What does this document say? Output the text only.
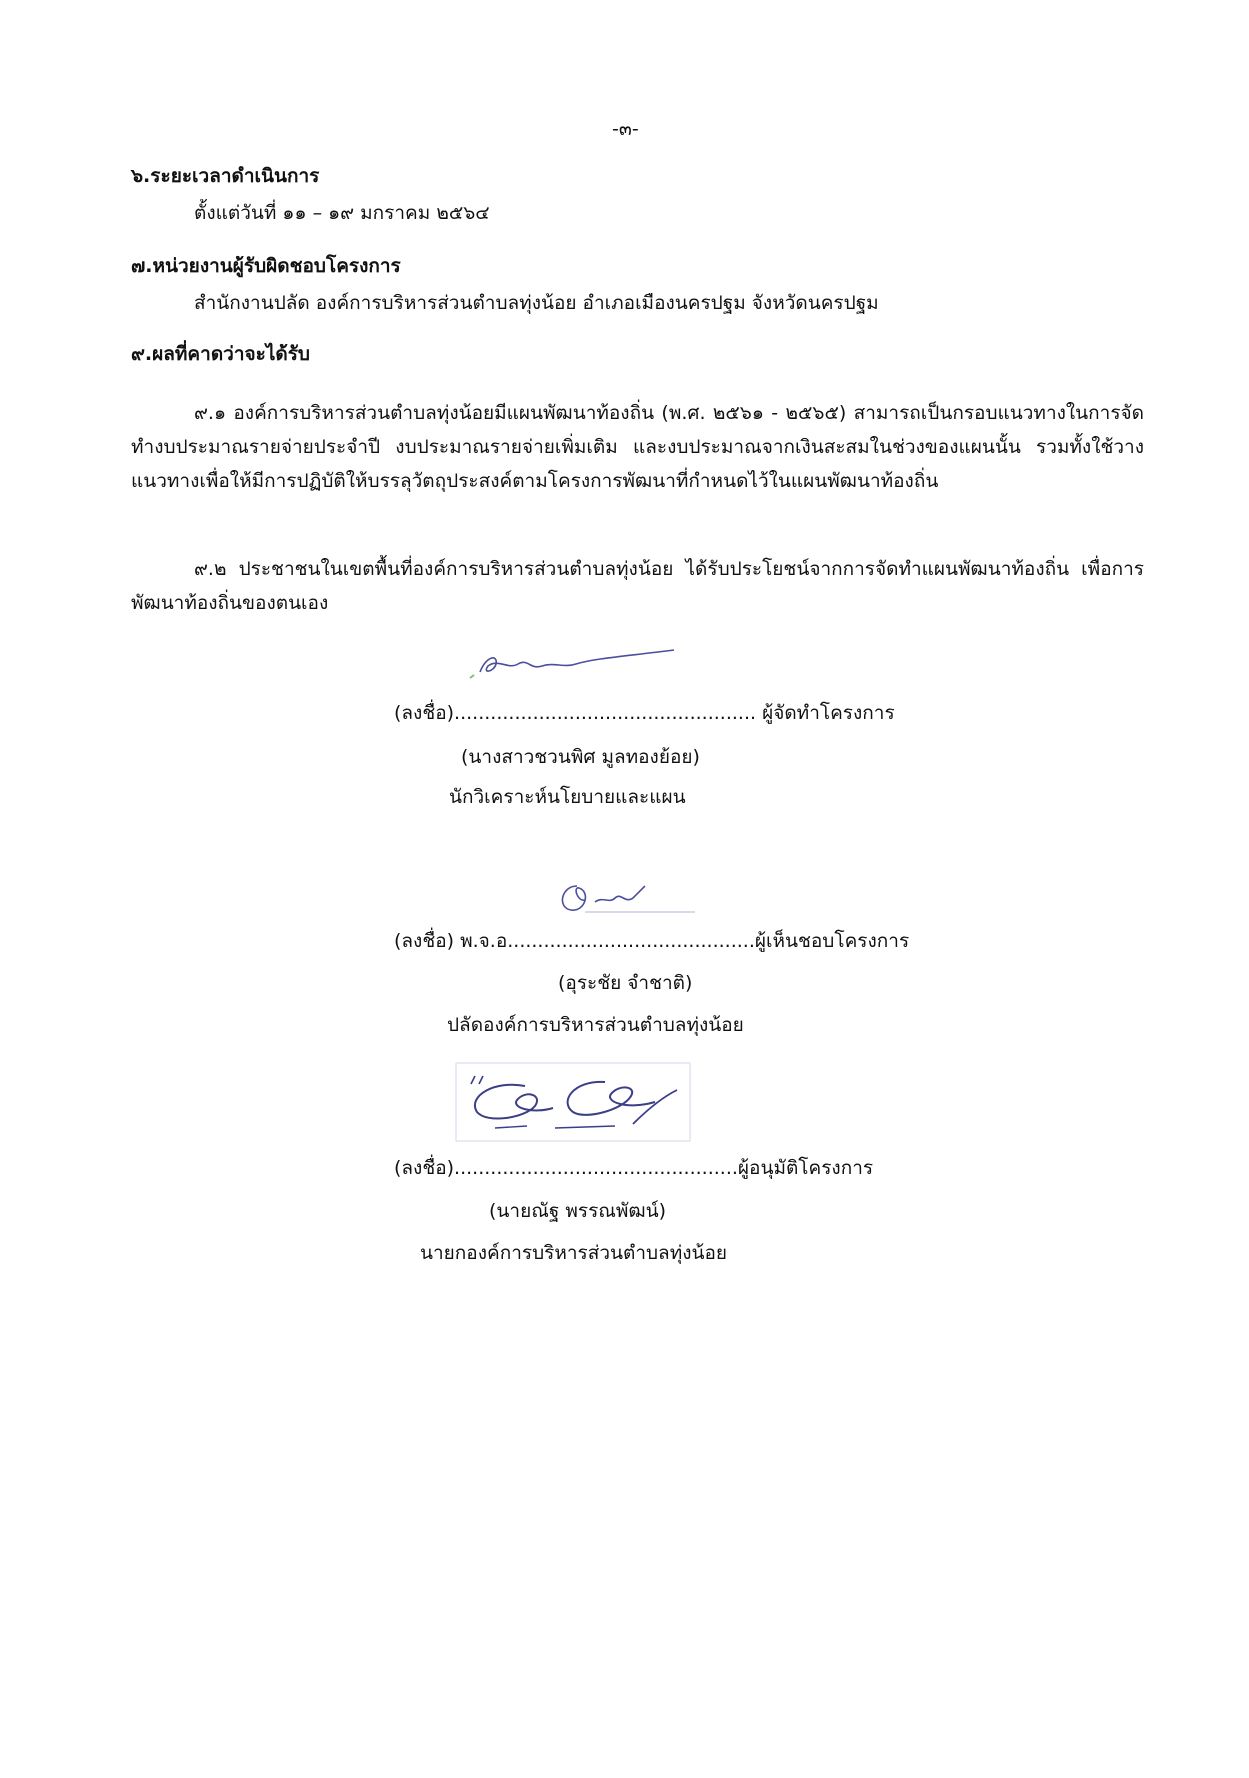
-๓-
๖.ระยะเวลาดำเนินการ
ตั้งแต่วันที่ ๑๑ – ๑๙ มกราคม ๒๕๖๔
๗.หน่วยงานผู้รับผิดชอบโครงการ
สำนักงานปลัด องค์การบริหารส่วนตำบลทุ่งน้อย อำเภอเมืองนครปฐม จังหวัดนครปฐม
๙.ผลที่คาดว่าจะได้รับ
๙.๑ องค์การบริหารส่วนตำบลทุ่งน้อยมีแผนพัฒนาท้องถิ่น (พ.ศ. ๒๕๖๑ - ๒๕๖๕) สามารถเป็นกรอบแนวทางในการจัดทำงบประมาณรายจ่ายประจำปี งบประมาณรายจ่ายเพิ่มเติม และงบประมาณจากเงินสะสมในช่วงของแผนนั้น รวมทั้งใช้วางแนวทางเพื่อให้มีการปฏิบัติให้บรรลุวัตถุประสงค์ตามโครงการพัฒนาที่กำหนดไว้ในแผนพัฒนาท้องถิ่น
๙.๒ ประชาชนในเขตพื้นที่องค์การบริหารส่วนตำบลทุ่งน้อย ได้รับประโยชน์จากการจัดทำแผนพัฒนาท้องถิ่น เพื่อการพัฒนาท้องถิ่นของตนเอง
(ลงชื่อ).................................................. ผู้จัดทำโครงการ
(นางสาวชวนพิศ มูลทองย้อย)
นักวิเคราะห์นโยบายและแผน
(ลงชื่อ) พ.จ.อ.........................................ผู้เห็นชอบโครงการ
(อุระชัย จำชาติ)
ปลัดองค์การบริหารส่วนตำบลทุ่งน้อย
(ลงชื่อ)...............................................ผู้อนุมัติโครงการ
(นายณัฐ พรรณพัฒน์)
นายกองค์การบริหารส่วนตำบลทุ่งน้อย
